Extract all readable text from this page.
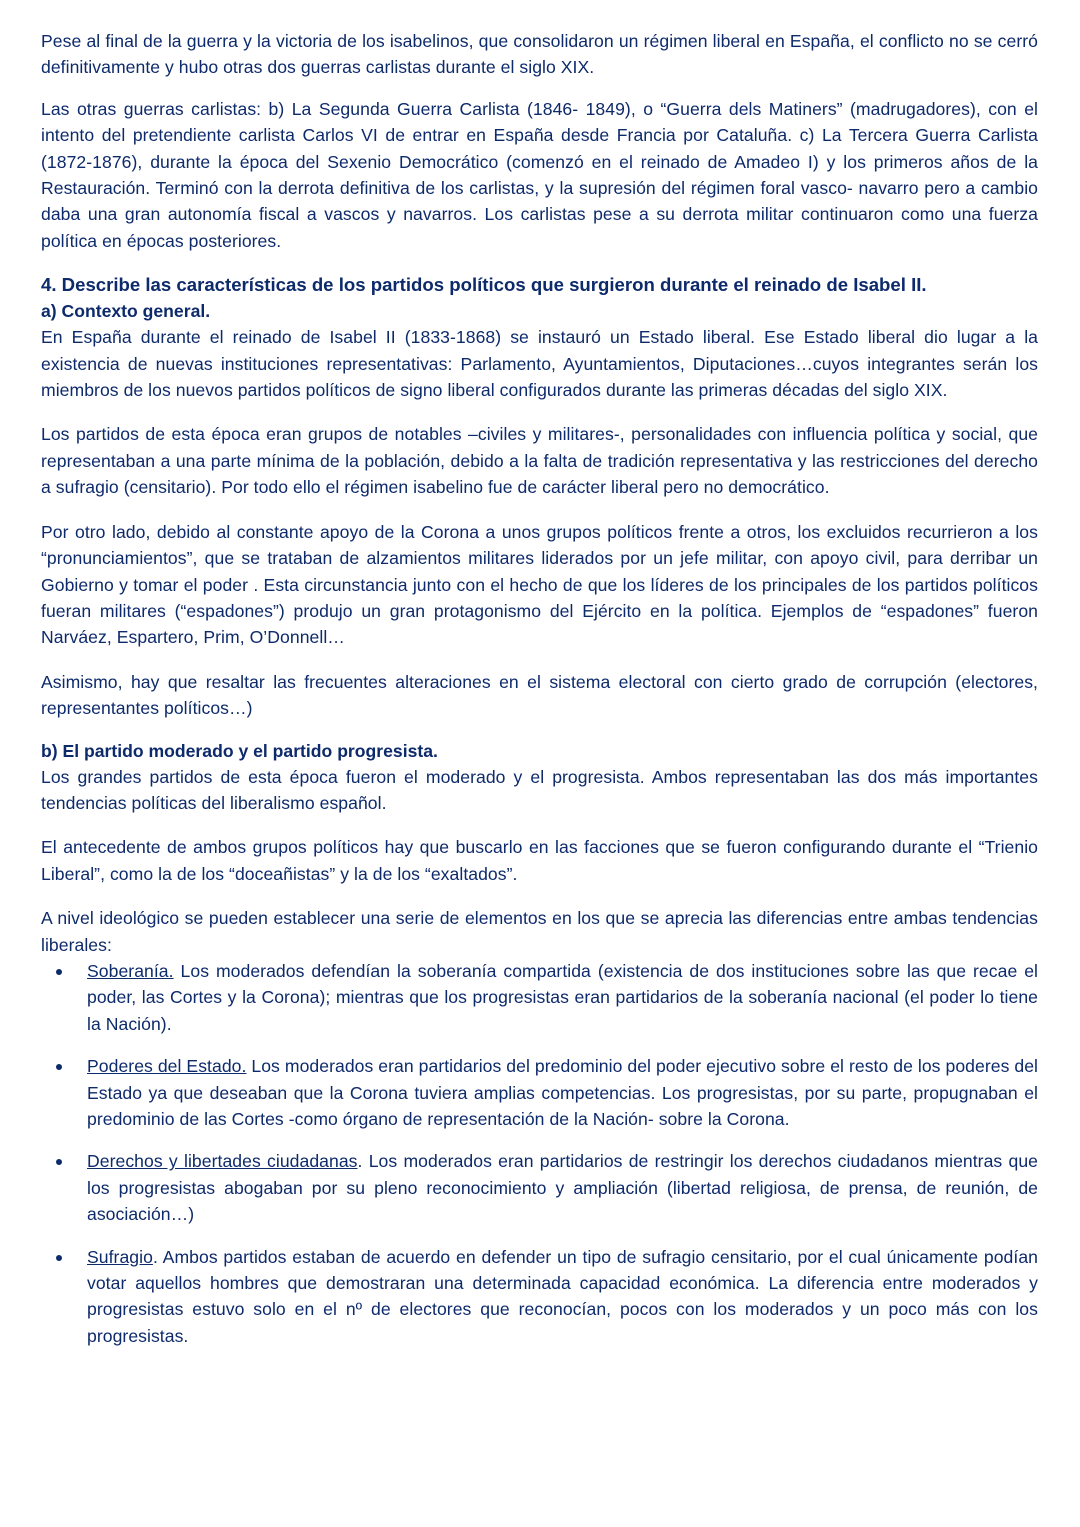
Pese al final de la guerra y la victoria de los isabelinos, que consolidaron un régimen liberal en España, el conflicto no se cerró definitivamente y hubo otras dos guerras carlistas durante el siglo XIX.

Las otras guerras carlistas: b) La Segunda Guerra Carlista (1846- 1849), o “Guerra dels Matiners” (madrugadores), con el intento del pretendiente carlista Carlos VI de entrar en España desde Francia por Cataluña. c) La Tercera Guerra Carlista (1872-1876), durante la época del Sexenio Democrático (comenzó en el reinado de Amadeo I) y los primeros años de la Restauración. Terminó con la derrota definitiva de los carlistas, y la supresión del régimen foral vasco- navarro pero a cambio daba una gran autonomía fiscal a vascos y navarros. Los carlistas pese a su derrota militar continuaron como una fuerza política en épocas posteriores.

4. Describe las características de los partidos políticos que surgieron durante el reinado de Isabel II.
a) Contexto general.

En España durante el reinado de Isabel II (1833-1868) se instauró un Estado liberal. Ese Estado liberal dio lugar a la existencia de nuevas instituciones representativas: Parlamento, Ayuntamientos, Diputaciones…cuyos integrantes serán los miembros de los nuevos partidos políticos de signo liberal configurados durante las primeras décadas del siglo XIX.

Los partidos de esta época eran grupos de notables –civiles y militares-, personalidades con influencia política y social, que representaban a una parte mínima de la población, debido a la falta de tradición representativa y las restricciones del derecho a sufragio (censitario). Por todo ello el régimen isabelino fue de carácter liberal pero no democrático.

Por otro lado, debido al constante apoyo de la Corona a unos grupos políticos frente a otros, los excluidos recurrieron a los “pronunciamientos”, que se trataban de alzamientos militares liderados por un jefe militar, con apoyo civil, para derribar un Gobierno y tomar el poder . Esta circunstancia junto con el hecho de que los líderes de los principales de los partidos políticos fueran militares (“espadones”) produjo un gran protagonismo del Ejército en la política. Ejemplos de “espadones” fueron Narváez, Espartero, Prim, O’Donnell…

Asimismo, hay que resaltar las frecuentes alteraciones en el sistema electoral con cierto grado de corrupción (electores, representantes políticos…)

b) El partido moderado y el partido progresista.

Los grandes partidos de esta época fueron el moderado y el progresista. Ambos representaban las dos más importantes tendencias políticas del liberalismo español.

El antecedente de ambos grupos políticos hay que buscarlo en las facciones que se fueron configurando durante el “Trienio Liberal”, como la de los “doceañistas” y la de los “exaltados”.

A nivel ideológico se pueden establecer una serie de elementos en los que se aprecia las diferencias entre ambas tendencias liberales:

Soberanía. Los moderados defendían la soberanía compartida (existencia de dos instituciones sobre las que recae el poder, las Cortes y la Corona); mientras que los progresistas eran partidarios de la soberanía nacional (el poder lo tiene la Nación).

Poderes del Estado. Los moderados eran partidarios del predominio del poder ejecutivo sobre el resto de los poderes del Estado ya que deseaban que la Corona tuviera amplias competencias. Los progresistas, por su parte, propugnaban el predominio de las Cortes -como órgano de representación de la Nación- sobre la Corona.

Derechos y libertades ciudadanas. Los moderados eran partidarios de restringir los derechos ciudadanos mientras que los progresistas abogaban por su pleno reconocimiento y ampliación (libertad religiosa, de prensa, de reunión, de asociación…)

Sufragio. Ambos partidos estaban de acuerdo en defender un tipo de sufragio censitario, por el cual únicamente podían votar aquellos hombres que demostraran una determinada capacidad económica. La diferencia entre moderados y progresistas estuvo solo en el nº de electores que reconocían, pocos con los moderados y un poco más con los progresistas.
